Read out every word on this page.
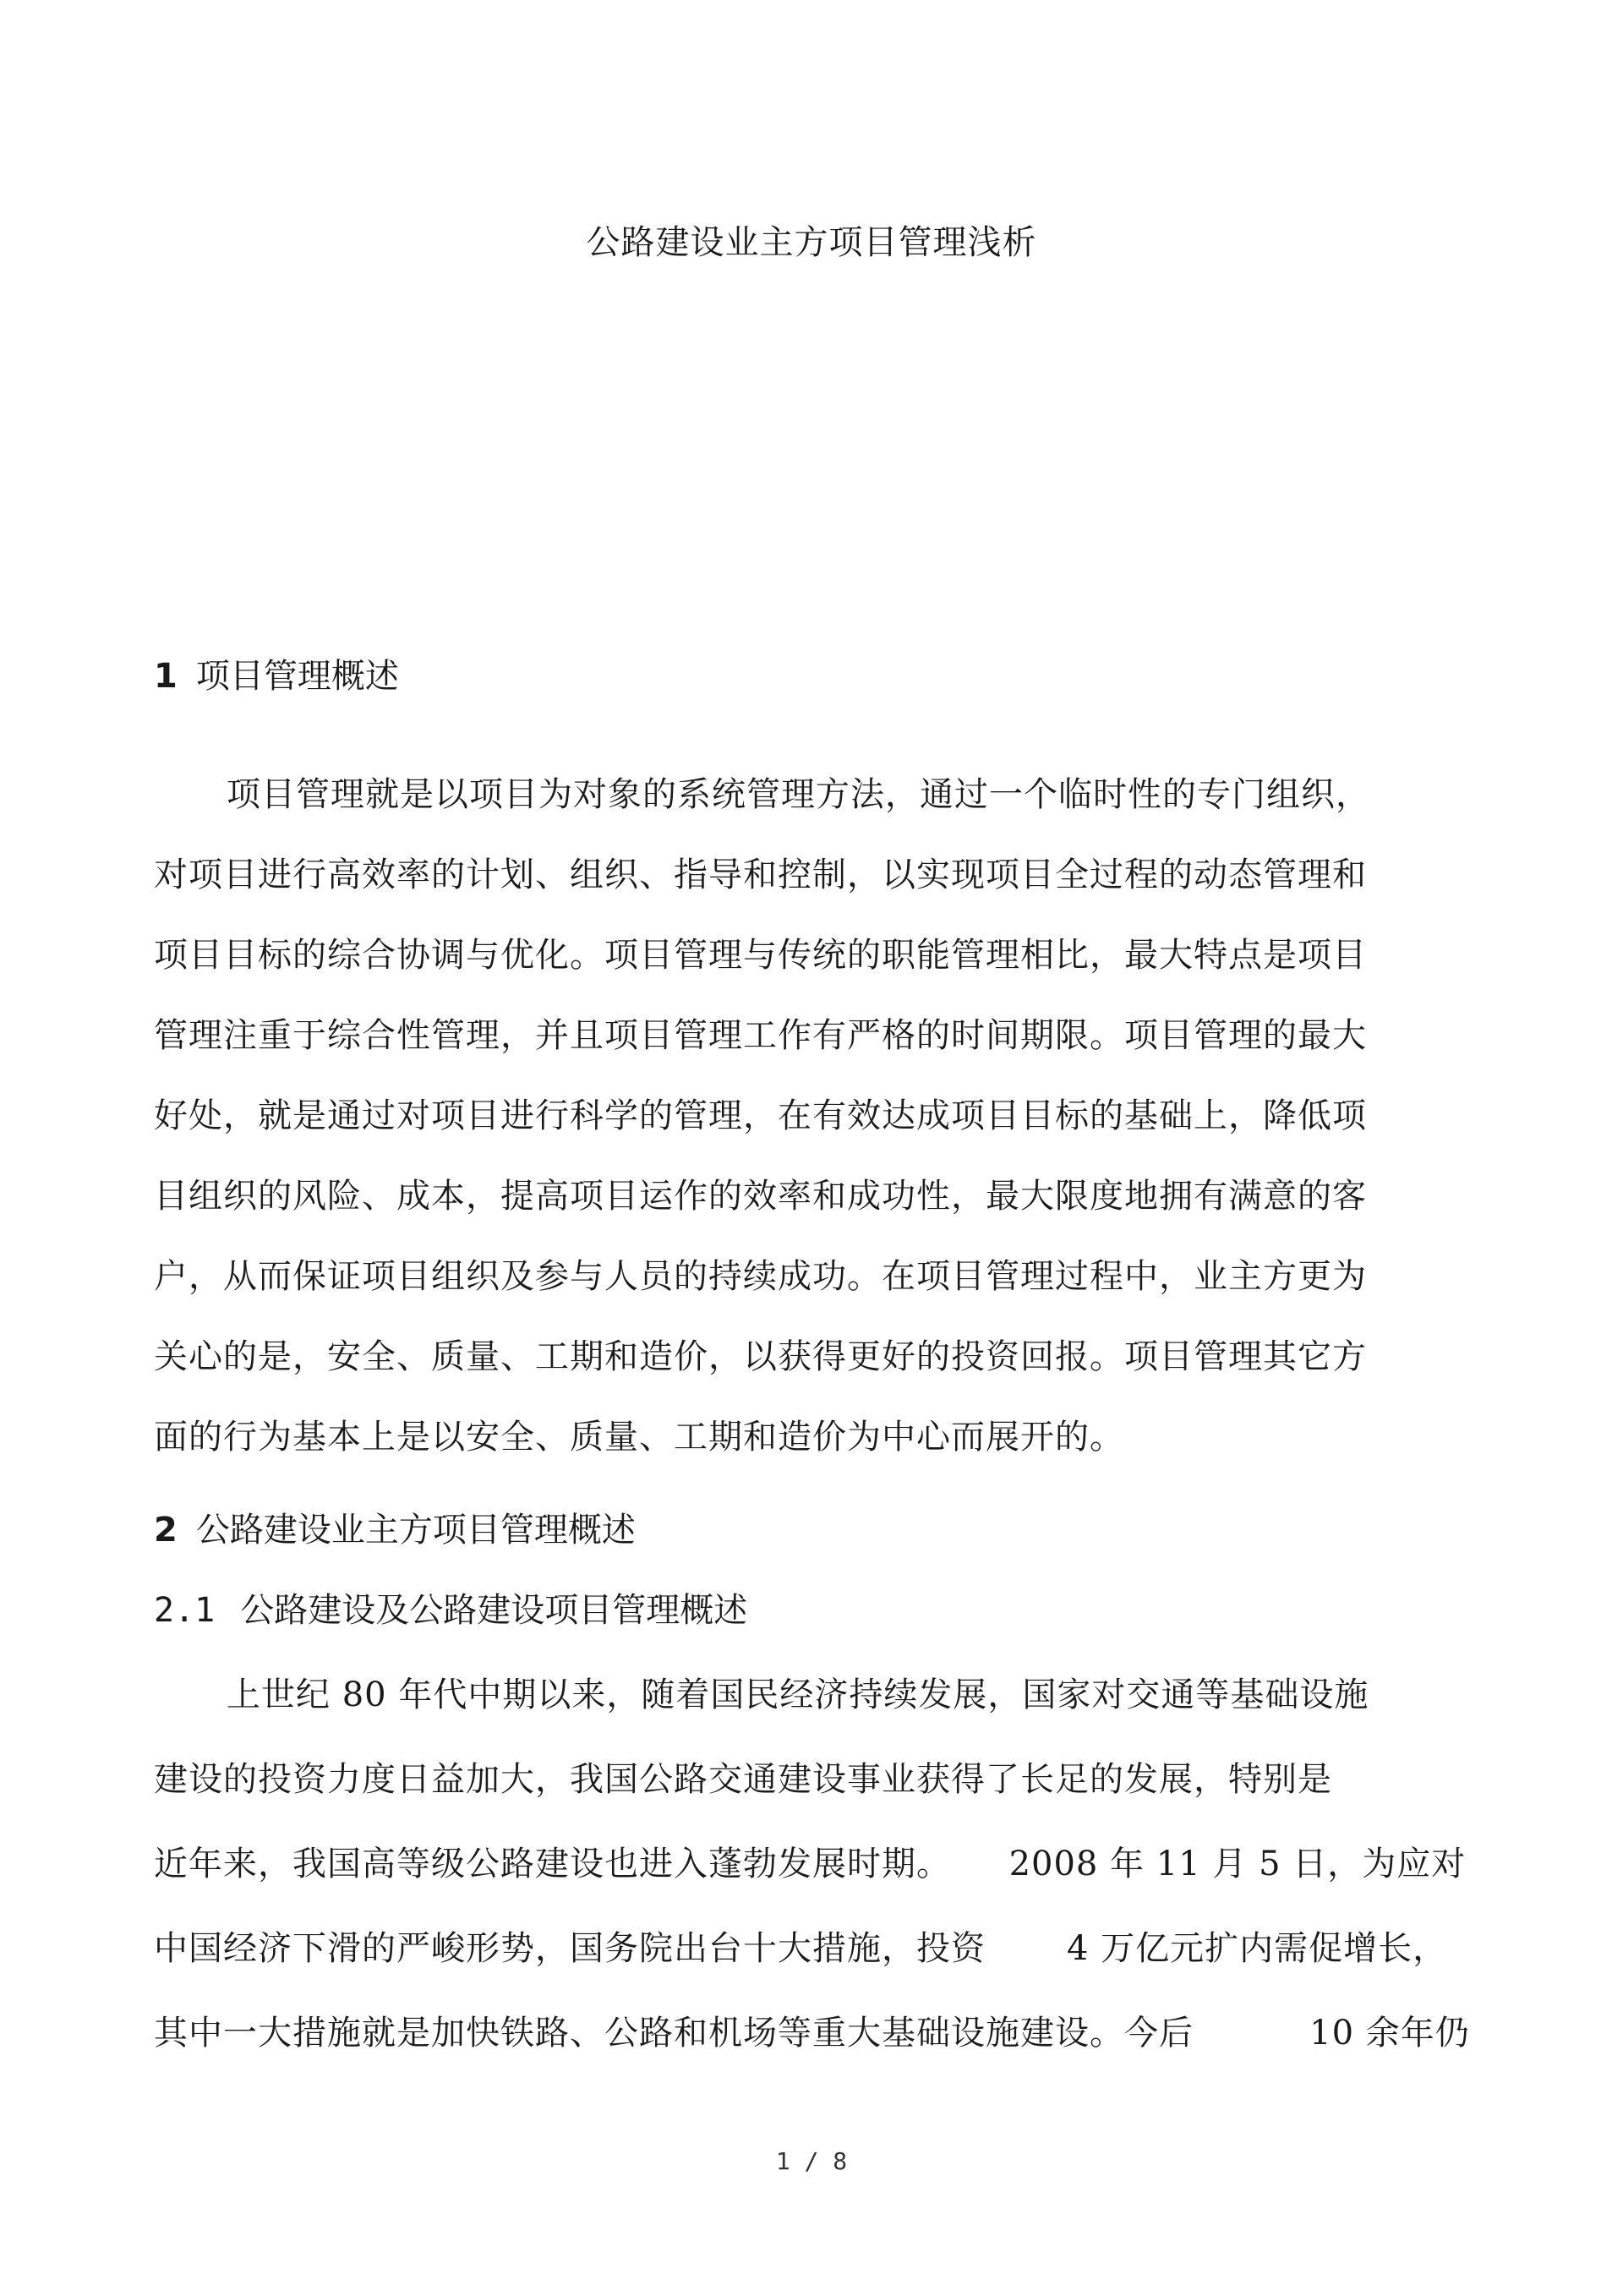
公路建设业主方项目管理浅析
1 项目管理概述
项目管理就是以项目为对象的系统管理方法，通过一个临时性的专门组织，
对项目进行高效率的计划、组织、指导和控制，以实现项目全过程的动态管理和
项目目标的综合协调与优化。项目管理与传统的职能管理相比，最大特点是项目
管理注重于综合性管理，并且项目管理工作有严格的时间期限。项目管理的最大
好处，就是通过对项目进行科学的管理，在有效达成项目目标的基础上，降低项
目组织的风险、成本，提高项目运作的效率和成功性，最大限度地拥有满意的客
户，从而保证项目组织及参与人员的持续成功。在项目管理过程中，业主方更为
关心的是，安全、质量、工期和造价，以获得更好的投资回报。项目管理其它方
面的行为基本上是以安全、质量、工期和造价为中心而展开的。
2 公路建设业主方项目管理概述
2.1 公路建设及公路建设项目管理概述
上世纪 80 年代中期以来，随着国民经济持续发展，国家对交通等基础设施
建设的投资力度日益加大，我国公路交通建设事业获得了长足的发展，特别是
近年来，我国高等级公路建设也进入蓬勃发展时期。     2008 年 11 月 5 日，为应对
中国经济下滑的严峻形势，国务院出台十大措施，投资       4 万亿元扩内需促增长，
其中一大措施就是加快铁路、公路和机场等重大基础设施建设。今后          10 余年仍
1 / 8
